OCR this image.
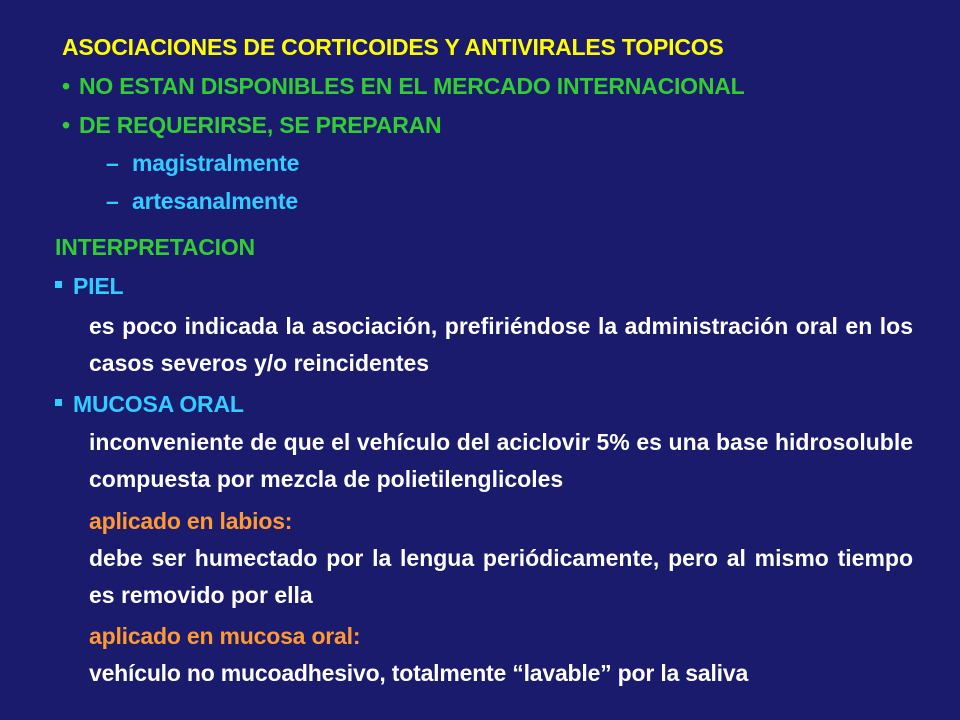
ASOCIACIONES DE CORTICOIDES Y ANTIVIRALES TOPICOS
• NO ESTAN DISPONIBLES EN EL MERCADO INTERNACIONAL
• DE REQUERIRSE, SE PREPARAN
– magistralmente
– artesanalmente
INTERPRETACION
PIEL
es poco indicada la asociación, prefiriéndose la administración oral en los casos severos y/o reincidentes
MUCOSA ORAL
inconveniente de que el vehículo del aciclovir 5% es una base hidrosoluble compuesta por mezcla de polietilenglicoles
aplicado en labios:
debe ser humectado por la lengua periódicamente, pero al mismo tiempo es removido por ella
aplicado en mucosa oral:
vehículo no mucoadhesivo, totalmente “lavable” por la saliva
